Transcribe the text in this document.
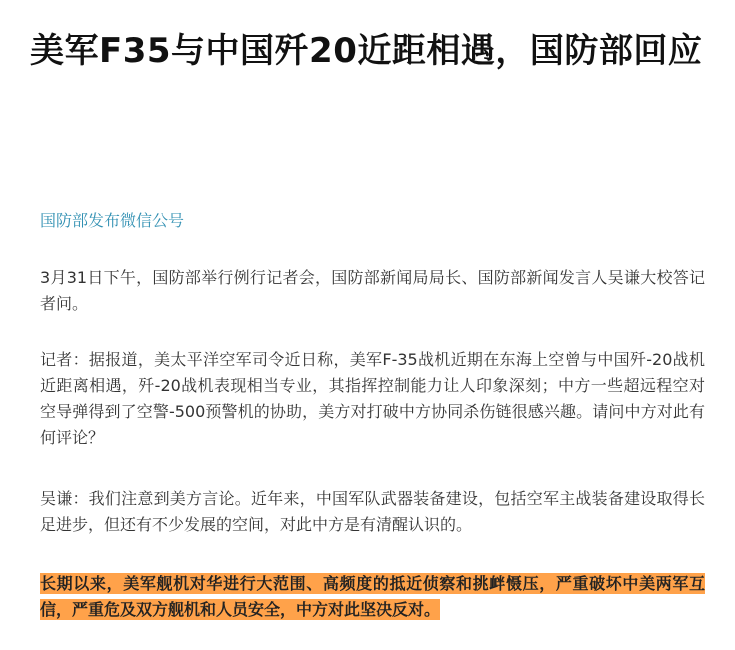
美军F35与中国歼20近距相遇，国防部回应
国防部发布微信公号

3月31日下午，国防部举行例行记者会，国防部新闻局局长、国防部新闻发言人吴谦大校答记者问。

记者：据报道，美太平洋空军司令近日称，美军F-35战机近期在东海上空曾与中国歼-20战机近距离相遇，歼-20战机表现相当专业，其指挥控制能力让人印象深刻；中方一些超远程空对空导弹得到了空警-500预警机的协助，美方对打破中方协同杀伤链很感兴趣。请问中方对此有何评论？

吴谦：我们注意到美方言论。近年来，中国军队武器装备建设，包括空军主战装备建设取得长足进步，但还有不少发展的空间，对此中方是有清醒认识的。

长期以来，美军舰机对华进行大范围、高频度的抵近侦察和挑衅慑压，严重破坏中美两军互信，严重危及双方舰机和人员安全，中方对此坚决反对。
